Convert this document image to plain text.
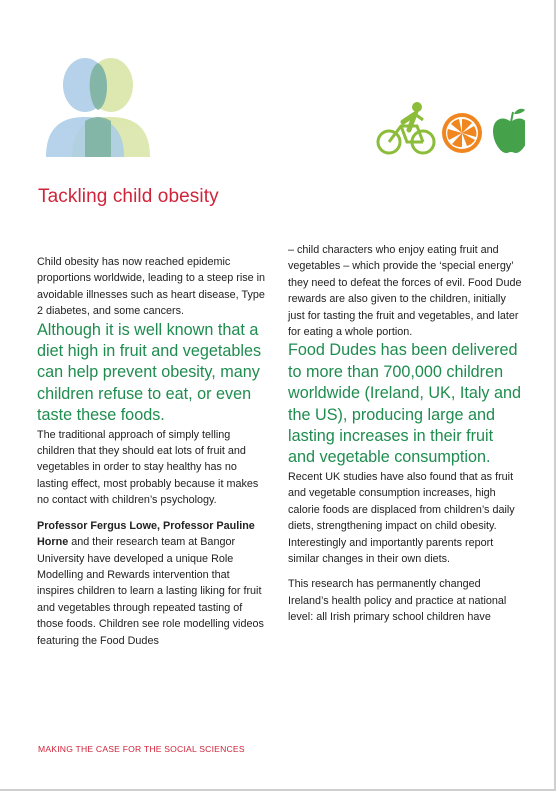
Tackling child obesity

Child obesity has now reached epidemic proportions worldwide, leading to a steep rise in avoidable illnesses such as heart disease, Type 2 diabetes, and some cancers.

Although it is well known that a diet high in fruit and vegetables can help prevent obesity, many children refuse to eat, or even taste these foods.

The traditional approach of simply telling children that they should eat lots of fruit and vegetables in order to stay healthy has no lasting effect, most probably because it makes no contact with children’s psychology.

Professor Fergus Lowe, Professor Pauline Horne and their research team at Bangor University have developed a unique Role Modelling and Rewards intervention that inspires children to learn a lasting liking for fruit and vegetables through repeated tasting of those foods. Children see role modelling videos featuring the Food Dudes

– child characters who enjoy eating fruit and vegetables – which provide the ‘special energy’ they need to defeat the forces of evil. Food Dude rewards are also given to the children, initially just for tasting the fruit and vegetables, and later for eating a whole portion.

Food Dudes has been delivered to more than 700,000 children worldwide (Ireland, UK, Italy and the US), producing large and lasting increases in their fruit and vegetable consumption.

Recent UK studies have also found that as fruit and vegetable consumption increases, high calorie foods are displaced from children’s daily diets, strengthening impact on child obesity. Interestingly and importantly parents report similar changes in their own diets.

This research has permanently changed Ireland’s health policy and practice at national level: all Irish primary school children have

MAKING THE CASE FOR THE SOCIAL SCIENCES
